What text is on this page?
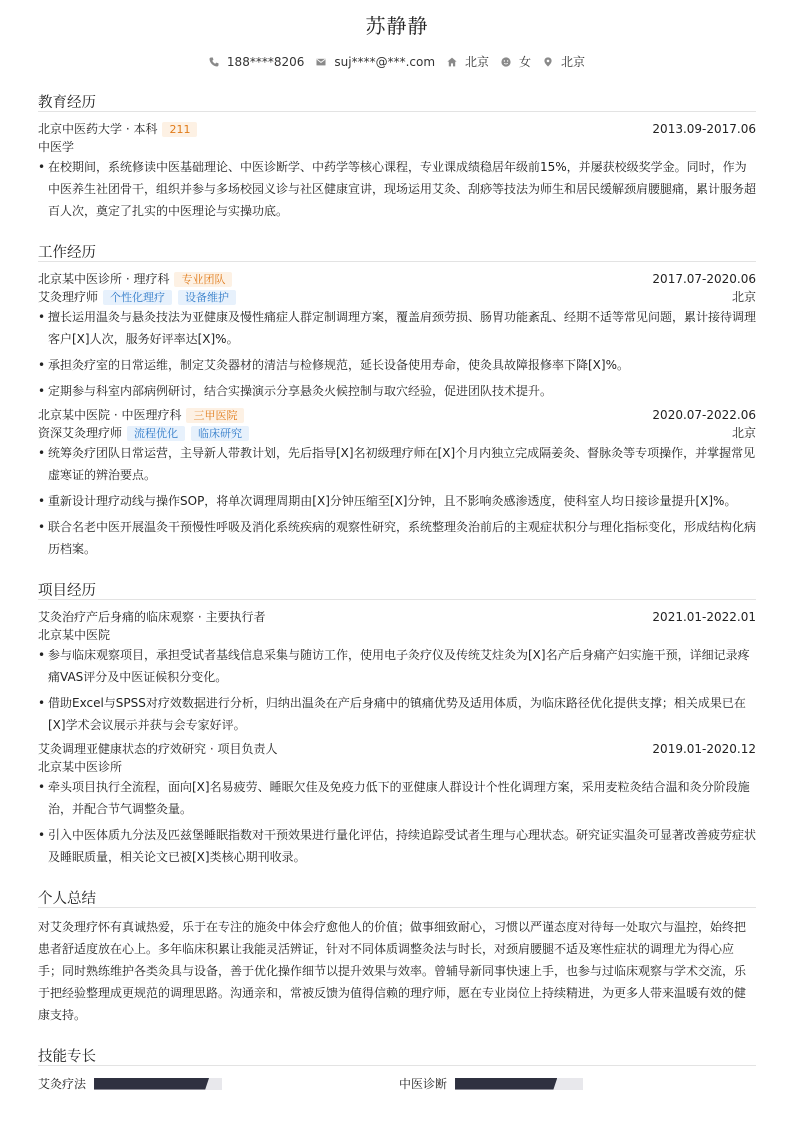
苏静静
188****8206	suj****@***.com	北京	女	北京
教育经历
北京中医药大学 · 本科	211	2013.09-2017.06
中医学
• 在校期间，系统修读中医基础理论、中医诊断学、中药学等核心课程，专业课成绩稳居年级前15%，并屡获校级奖学金。同时，作为中医养生社团骨干，组织并参与多场校园义诊与社区健康宣讲，现场运用艾灸、刮痧等技法为师生和居民缓解颈肩腰腿痛，累计服务超百人次，奠定了扎实的中医理论与实操功底。
工作经历
北京某中医诊所 · 理疗科	专业团队	2017.07-2020.06
艾灸理疗师	个性化理疗	设备维护	北京
• 擅长运用温灸与悬灸技法为亚健康及慢性痛症人群定制调理方案，覆盖肩颈劳损、肠胃功能紊乱、经期不适等常见问题，累计接待调理客户[X]人次，服务好评率达[X]%。
• 承担灸疗室的日常运维，制定艾灸器材的清洁与检修规范，延长设备使用寿命，使灸具故障报修率下降[X]%。
• 定期参与科室内部病例研讨，结合实操演示分享悬灸火候控制与取穴经验，促进团队技术提升。
北京某中医院 · 中医理疗科	三甲医院	2020.07-2022.06
资深艾灸理疗师	流程优化	临床研究	北京
• 统筹灸疗团队日常运营，主导新人带教计划，先后指导[X]名初级理疗师在[X]个月内独立完成隔姜灸、督脉灸等专项操作，并掌握常见虚寒证的辨治要点。
• 重新设计理疗动线与操作SOP，将单次调理周期由[X]分钟压缩至[X]分钟，且不影响灸感渗透度，使科室人均日接诊量提升[X]%。
• 联合名老中医开展温灸干预慢性呼吸及消化系统疾病的观察性研究，系统整理灸治前后的主观症状积分与理化指标变化，形成结构化病历档案。
项目经历
艾灸治疗产后身痛的临床观察 · 主要执行者	2021.01-2022.01
北京某中医院
• 参与临床观察项目，承担受试者基线信息采集与随访工作，使用电子灸疗仪及传统艾炷灸为[X]名产后身痛产妇实施干预，详细记录疼痛VAS评分及中医证候积分变化。
• 借助Excel与SPSS对疗效数据进行分析，归纳出温灸在产后身痛中的镇痛优势及适用体质，为临床路径优化提供支撑；相关成果已在[X]学术会议展示并获与会专家好评。
艾灸调理亚健康状态的疗效研究 · 项目负责人	2019.01-2020.12
北京某中医诊所
• 牵头项目执行全流程，面向[X]名易疲劳、睡眠欠佳及免疫力低下的亚健康人群设计个性化调理方案，采用麦粒灸结合温和灸分阶段施治，并配合节气调整灸量。
• 引入中医体质九分法及匹兹堡睡眠指数对干预效果进行量化评估，持续追踪受试者生理与心理状态。研究证实温灸可显著改善疲劳症状及睡眠质量，相关论文已被[X]类核心期刊收录。
个人总结
对艾灸理疗怀有真诚热爱，乐于在专注的施灸中体会疗愈他人的价值；做事细致耐心，习惯以严谨态度对待每一处取穴与温控，始终把患者舒适度放在心上。多年临床积累让我能灵活辨证，针对不同体质调整灸法与时长，对颈肩腰腿不适及寒性症状的调理尤为得心应手；同时熟练维护各类灸具与设备，善于优化操作细节以提升效果与效率。曾辅导新同事快速上手，也参与过临床观察与学术交流，乐于把经验整理成更规范的调理思路。沟通亲和，常被反馈为值得信赖的理疗师，愿在专业岗位上持续精进，为更多人带来温暖有效的健康支持。
技能专长
艾灸疗法	中医诊断
